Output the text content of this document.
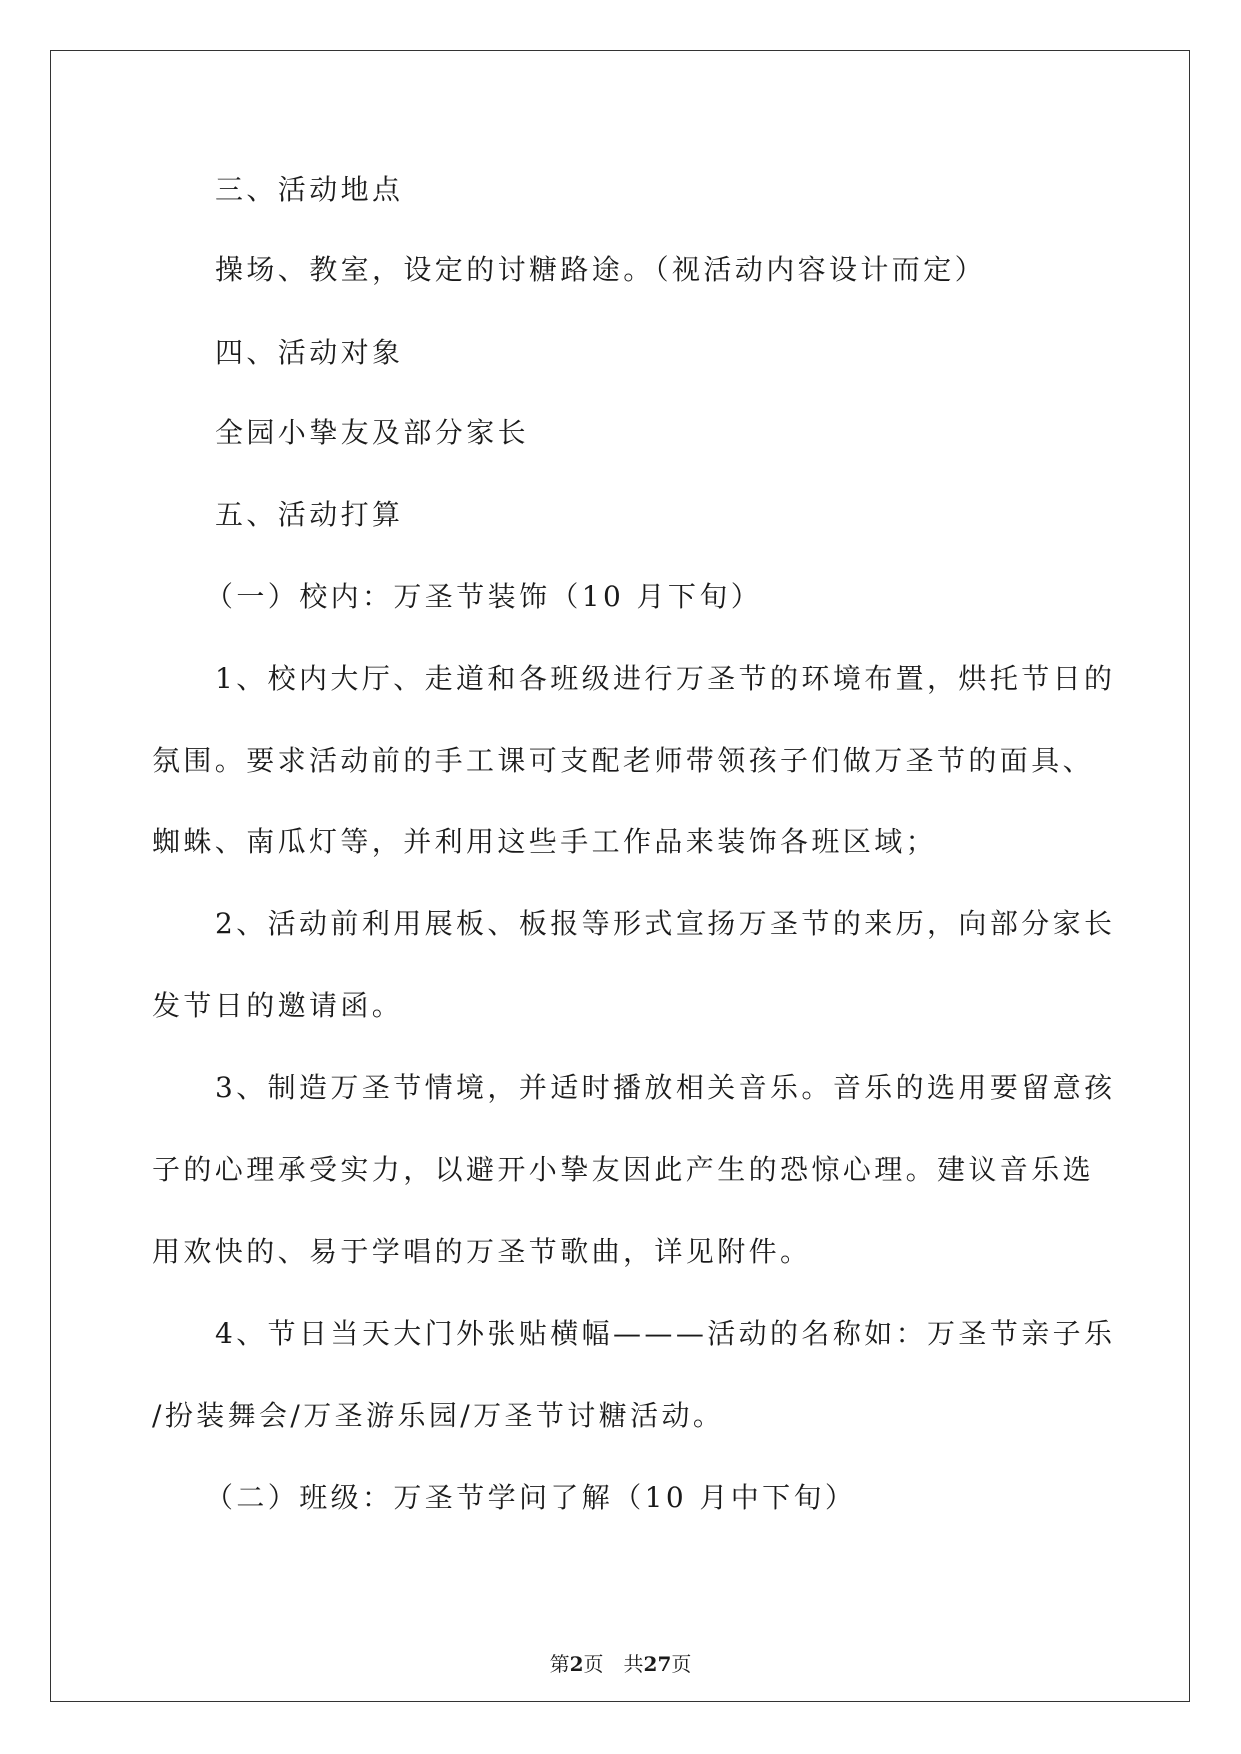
三、活动地点

操场、教室，设定的讨糖路途。（视活动内容设计而定）

四、活动对象

全园小挚友及部分家长

五、活动打算

（一）校内：万圣节装饰（10 月下旬）

1、校内大厅、走道和各班级进行万圣节的环境布置，烘托节日的

氛围。要求活动前的手工课可支配老师带领孩子们做万圣节的面具、

蜘蛛、南瓜灯等，并利用这些手工作品来装饰各班区域；

2、活动前利用展板、板报等形式宣扬万圣节的来历，向部分家长

发节日的邀请函。

3、制造万圣节情境，并适时播放相关音乐。音乐的选用要留意孩

子的心理承受实力，以避开小挚友因此产生的恐惊心理。建议音乐选

用欢快的、易于学唱的万圣节歌曲，详见附件。

4、节日当天大门外张贴横幅———活动的名称如：万圣节亲子乐

/扮装舞会/万圣游乐园/万圣节讨糖活动。

（二）班级：万圣节学问了解（10 月中下旬）

第2页　共27页
